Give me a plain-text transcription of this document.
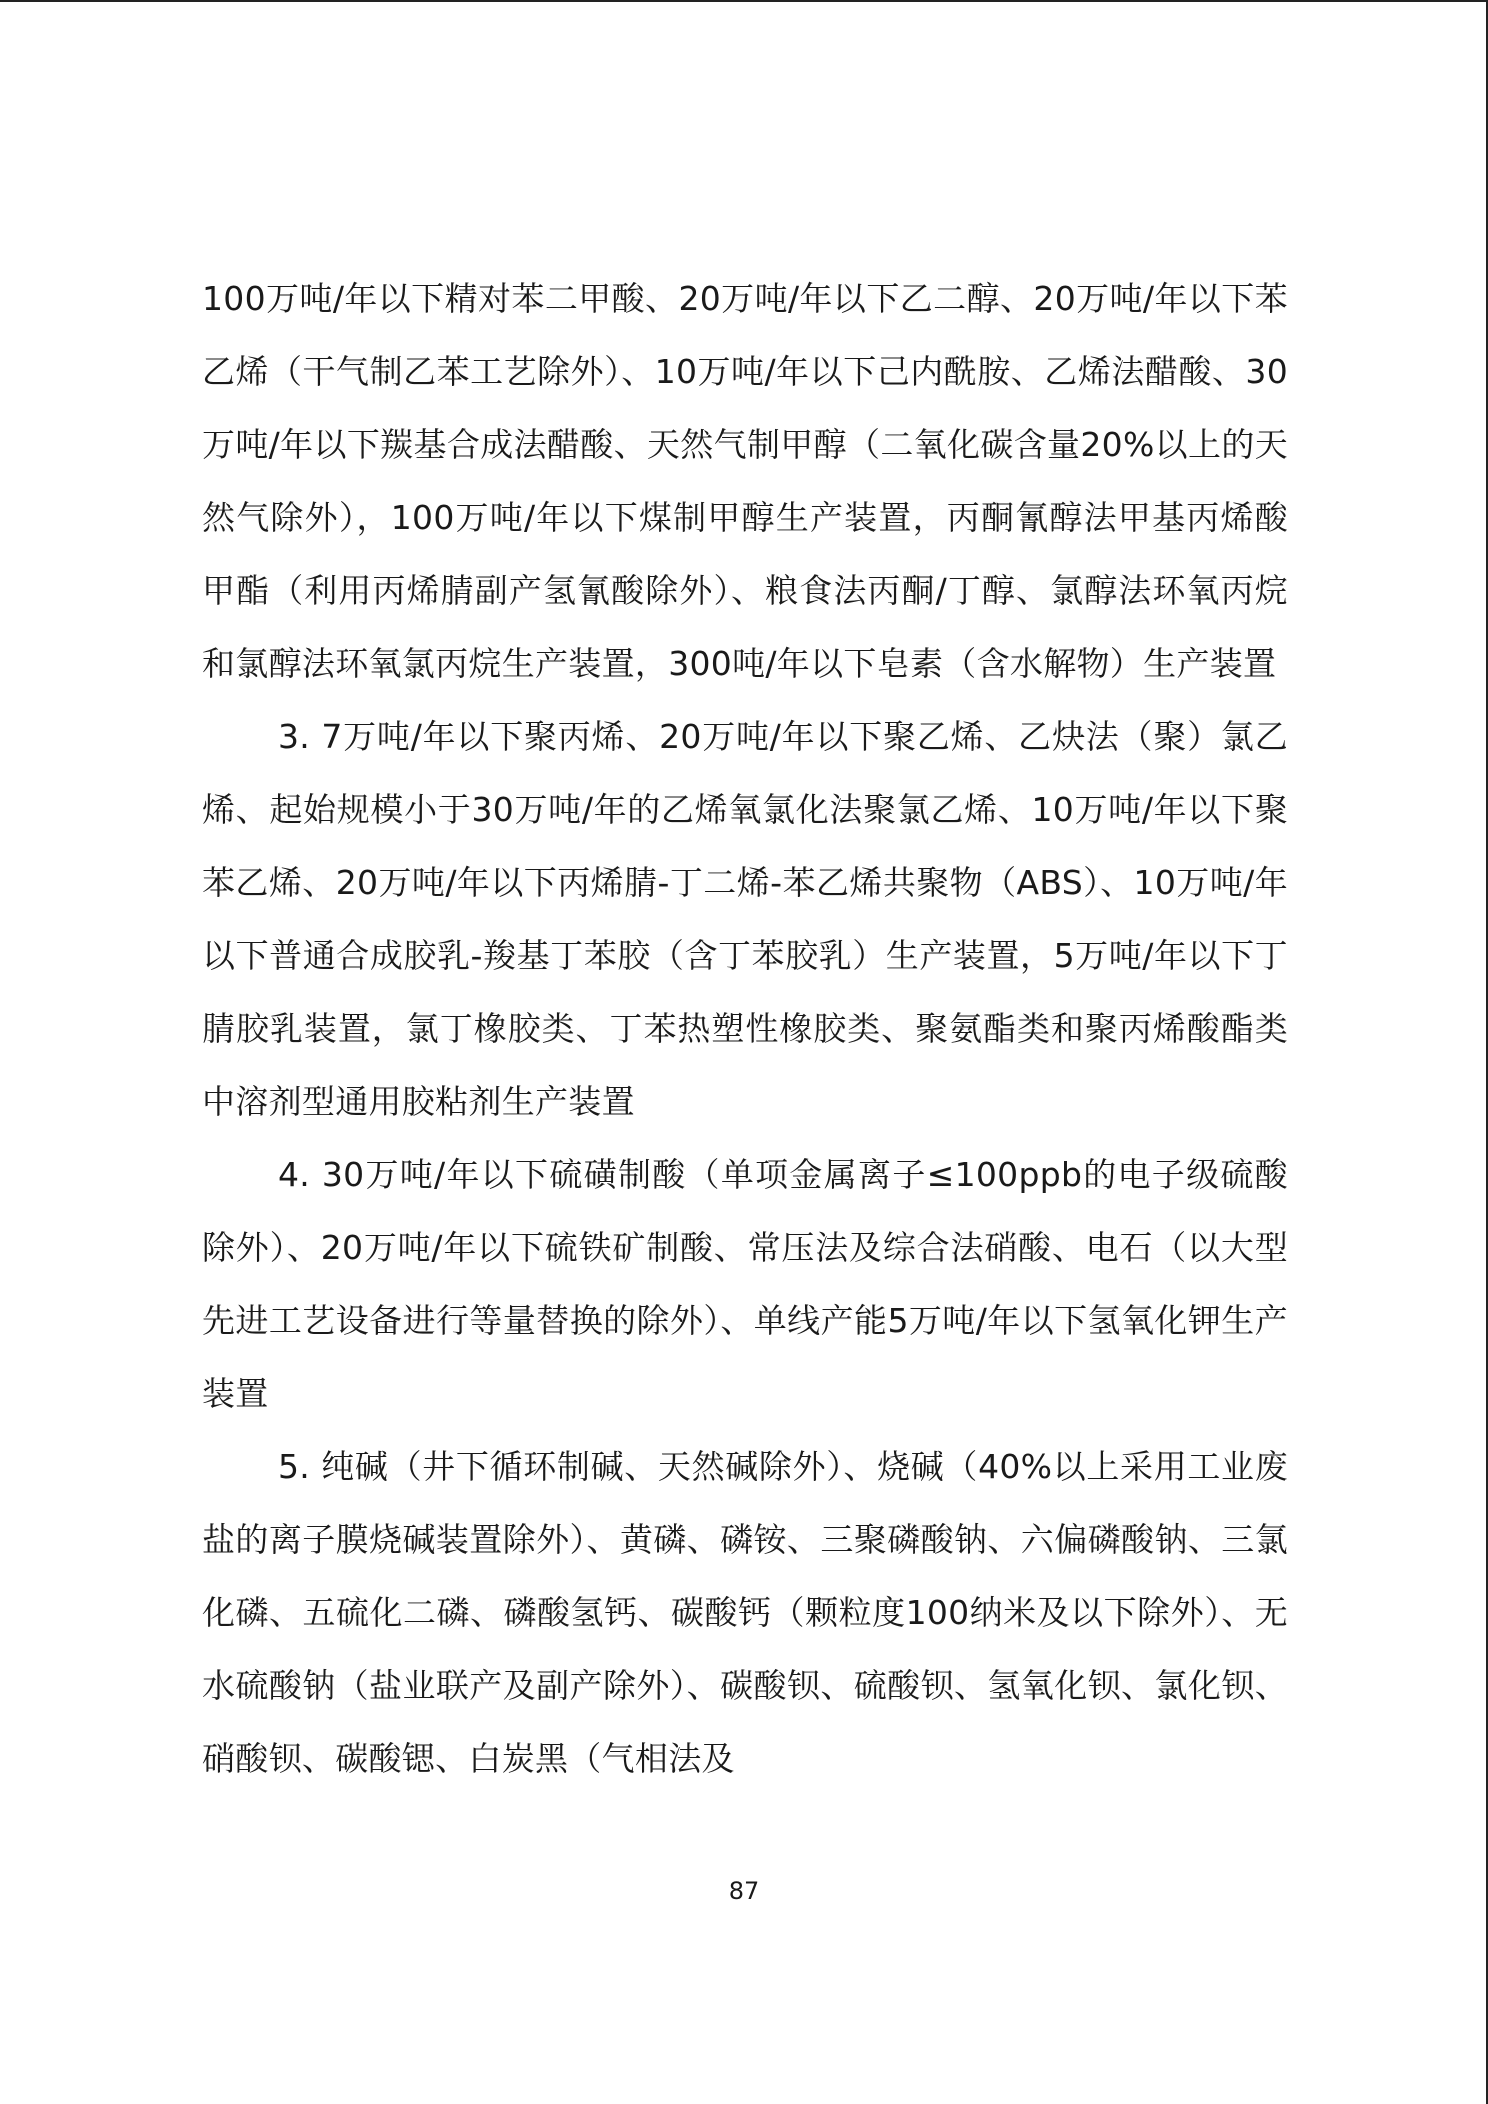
100万吨/年以下精对苯二甲酸、20万吨/年以下乙二醇、20万吨/年以下苯乙烯（干气制乙苯工艺除外）、10万吨/年以下己内酰胺、乙烯法醋酸、30万吨/年以下羰基合成法醋酸、天然气制甲醇（二氧化碳含量20%以上的天然气除外），100万吨/年以下煤制甲醇生产装置，丙酮氰醇法甲基丙烯酸甲酯（利用丙烯腈副产氢氰酸除外）、粮食法丙酮/丁醇、氯醇法环氧丙烷和氯醇法环氧氯丙烷生产装置，300吨/年以下皂素（含水解物）生产装置

3. 7万吨/年以下聚丙烯、20万吨/年以下聚乙烯、乙炔法（聚）氯乙烯、起始规模小于30万吨/年的乙烯氧氯化法聚氯乙烯、10万吨/年以下聚苯乙烯、20万吨/年以下丙烯腈-丁二烯-苯乙烯共聚物（ABS）、10万吨/年以下普通合成胶乳-羧基丁苯胶（含丁苯胶乳）生产装置，5万吨/年以下丁腈胶乳装置，氯丁橡胶类、丁苯热塑性橡胶类、聚氨酯类和聚丙烯酸酯类中溶剂型通用胶粘剂生产装置

4. 30万吨/年以下硫磺制酸（单项金属离子≤100ppb的电子级硫酸除外）、20万吨/年以下硫铁矿制酸、常压法及综合法硝酸、电石（以大型先进工艺设备进行等量替换的除外）、单线产能5万吨/年以下氢氧化钾生产装置

5. 纯碱（井下循环制碱、天然碱除外）、烧碱（40%以上采用工业废盐的离子膜烧碱装置除外）、黄磷、磷铵、三聚磷酸钠、六偏磷酸钠、三氯化磷、五硫化二磷、磷酸氢钙、碳酸钙（颗粒度100纳米及以下除外）、无水硫酸钠（盐业联产及副产除外）、碳酸钡、硫酸钡、氢氧化钡、氯化钡、硝酸钡、碳酸锶、白炭黑（气相法及

87
